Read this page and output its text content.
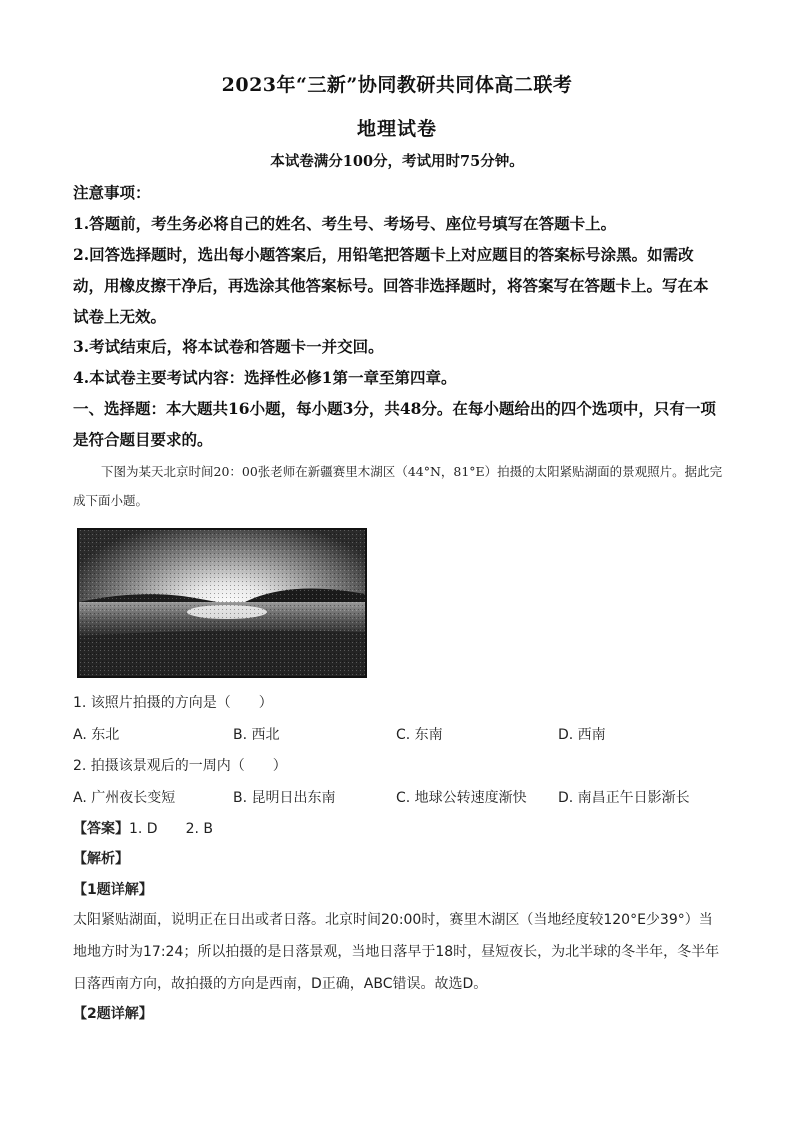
2023年“三新”协同教研共同体高二联考
地理试卷
本试卷满分100分，考试用时75分钟。
注意事项：
1.答题前，考生务必将自己的姓名、考生号、考场号、座位号填写在答题卡上。
2.回答选择题时，选出每小题答案后，用铅笔把答题卡上对应题目的答案标号涂黑。如需改动，用橡皮擦干净后，再选涂其他答案标号。回答非选择题时，将答案写在答题卡上。写在本试卷上无效。
3.考试结束后，将本试卷和答题卡一并交回。
4.本试卷主要考试内容：选择性必修1第一章至第四章。
一、选择题：本大题共16小题，每小题3分，共48分。在每小题给出的四个选项中，只有一项是符合题目要求的。
下图为某天北京时间20：00张老师在新疆赛里木湖区（44°N，81°E）拍摄的太阳紧贴湖面的景观照片。据此完成下面小题。
1. 该照片拍摄的方向是（　　）
A. 东北	B. 西北	C. 东南	D. 西南
2. 拍摄该景观后的一周内（　　）
A. 广州夜长变短	B. 昆明日出东南	C. 地球公转速度渐快 D. 南昌正午日影渐长
【答案】1. D　　2. B
【解析】
【1题详解】
太阳紧贴湖面，说明正在日出或者日落。北京时间20:00时，赛里木湖区（当地经度较120°E少39°）当地地方时为17:24；所以拍摄的是日落景观，当地日落早于18时，昼短夜长，为北半球的冬半年，冬半年日落西南方向，故拍摄的方向是西南，D正确，ABC错误。故选D。
【2题详解】
